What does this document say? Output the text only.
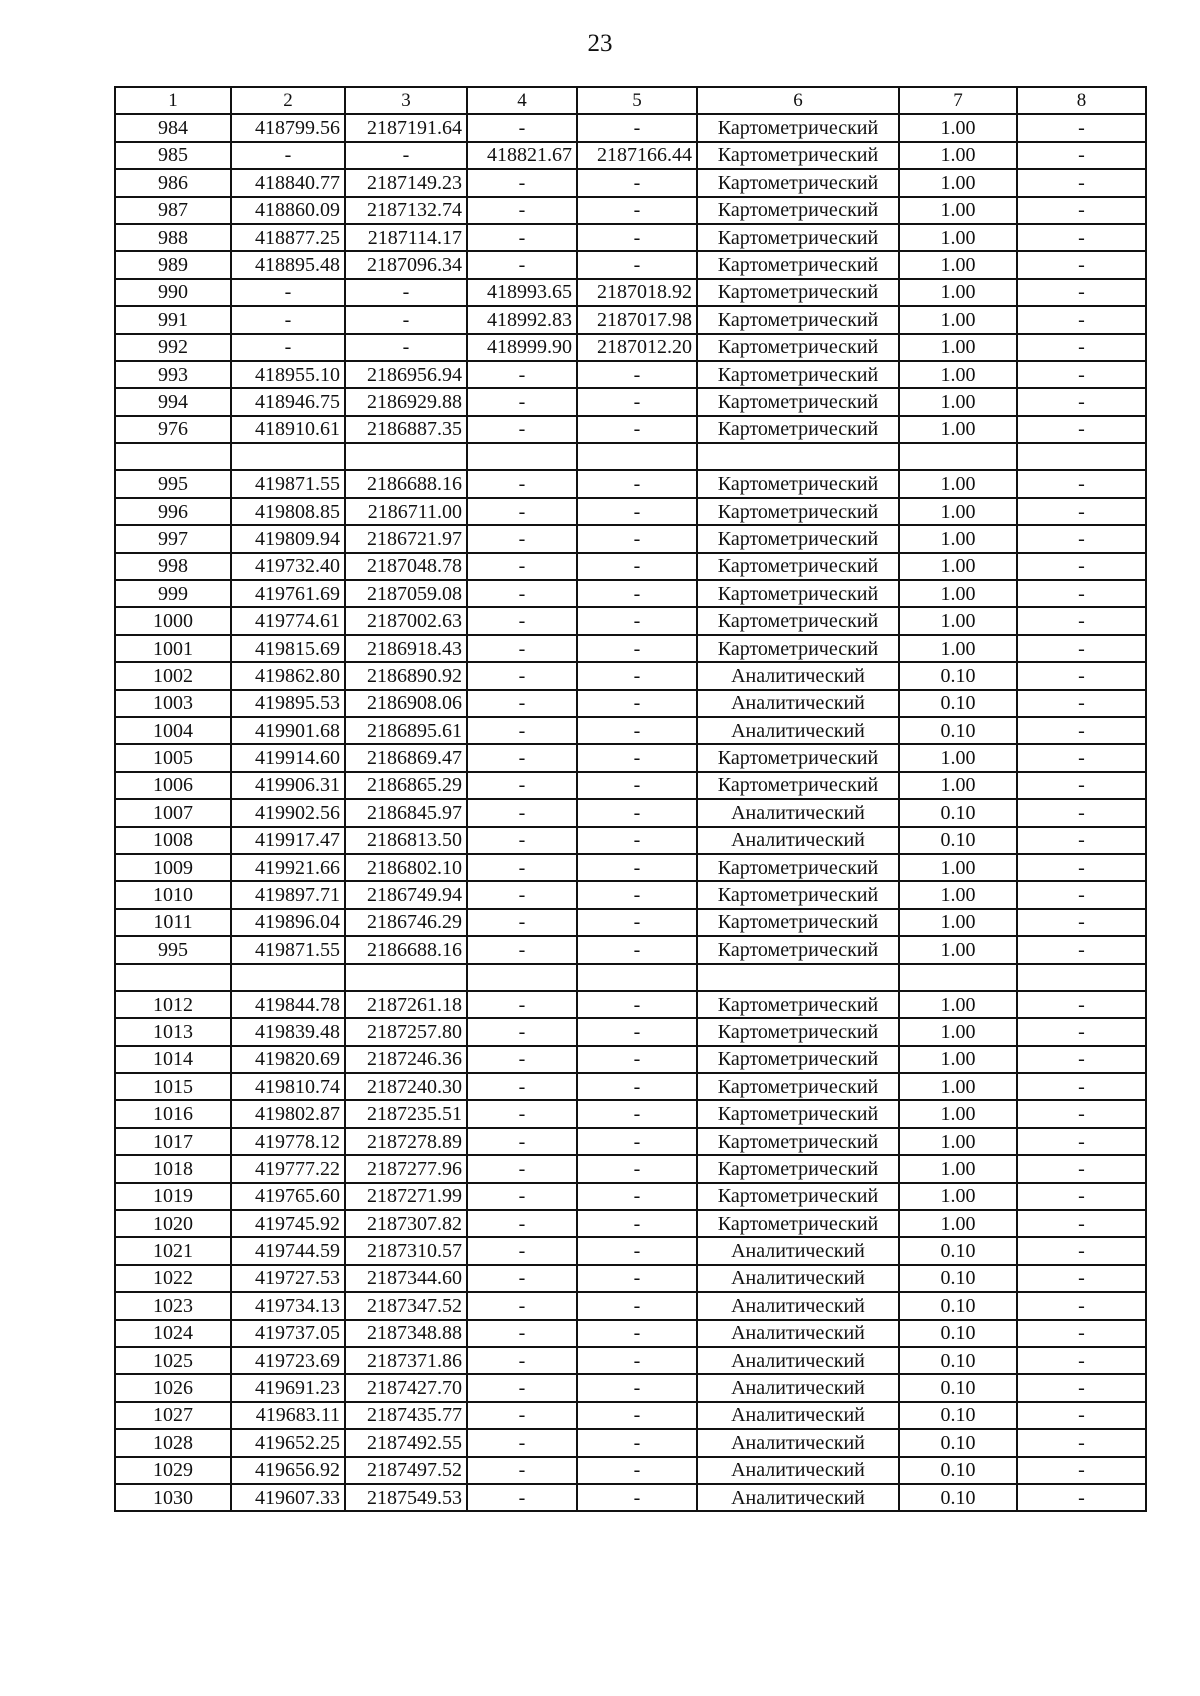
23
1	2	3	4	5	6	7	8
984	418799.56	2187191.64	-	-	Картометрический	1.00	-
985	-	-	418821.67	2187166.44	Картометрический	1.00	-
986	418840.77	2187149.23	-	-	Картометрический	1.00	-
987	418860.09	2187132.74	-	-	Картометрический	1.00	-
988	418877.25	2187114.17	-	-	Картометрический	1.00	-
989	418895.48	2187096.34	-	-	Картометрический	1.00	-
990	-	-	418993.65	2187018.92	Картометрический	1.00	-
991	-	-	418992.83	2187017.98	Картометрический	1.00	-
992	-	-	418999.90	2187012.20	Картометрический	1.00	-
993	418955.10	2186956.94	-	-	Картометрический	1.00	-
994	418946.75	2186929.88	-	-	Картометрический	1.00	-
976	418910.61	2186887.35	-	-	Картометрический	1.00	-

995	419871.55	2186688.16	-	-	Картометрический	1.00	-
996	419808.85	2186711.00	-	-	Картометрический	1.00	-
997	419809.94	2186721.97	-	-	Картометрический	1.00	-
998	419732.40	2187048.78	-	-	Картометрический	1.00	-
999	419761.69	2187059.08	-	-	Картометрический	1.00	-
1000	419774.61	2187002.63	-	-	Картометрический	1.00	-
1001	419815.69	2186918.43	-	-	Картометрический	1.00	-
1002	419862.80	2186890.92	-	-	Аналитический	0.10	-
1003	419895.53	2186908.06	-	-	Аналитический	0.10	-
1004	419901.68	2186895.61	-	-	Аналитический	0.10	-
1005	419914.60	2186869.47	-	-	Картометрический	1.00	-
1006	419906.31	2186865.29	-	-	Картометрический	1.00	-
1007	419902.56	2186845.97	-	-	Аналитический	0.10	-
1008	419917.47	2186813.50	-	-	Аналитический	0.10	-
1009	419921.66	2186802.10	-	-	Картометрический	1.00	-
1010	419897.71	2186749.94	-	-	Картометрический	1.00	-
1011	419896.04	2186746.29	-	-	Картометрический	1.00	-
995	419871.55	2186688.16	-	-	Картометрический	1.00	-

1012	419844.78	2187261.18	-	-	Картометрический	1.00	-
1013	419839.48	2187257.80	-	-	Картометрический	1.00	-
1014	419820.69	2187246.36	-	-	Картометрический	1.00	-
1015	419810.74	2187240.30	-	-	Картометрический	1.00	-
1016	419802.87	2187235.51	-	-	Картометрический	1.00	-
1017	419778.12	2187278.89	-	-	Картометрический	1.00	-
1018	419777.22	2187277.96	-	-	Картометрический	1.00	-
1019	419765.60	2187271.99	-	-	Картометрический	1.00	-
1020	419745.92	2187307.82	-	-	Картометрический	1.00	-
1021	419744.59	2187310.57	-	-	Аналитический	0.10	-
1022	419727.53	2187344.60	-	-	Аналитический	0.10	-
1023	419734.13	2187347.52	-	-	Аналитический	0.10	-
1024	419737.05	2187348.88	-	-	Аналитический	0.10	-
1025	419723.69	2187371.86	-	-	Аналитический	0.10	-
1026	419691.23	2187427.70	-	-	Аналитический	0.10	-
1027	419683.11	2187435.77	-	-	Аналитический	0.10	-
1028	419652.25	2187492.55	-	-	Аналитический	0.10	-
1029	419656.92	2187497.52	-	-	Аналитический	0.10	-
1030	419607.33	2187549.53	-	-	Аналитический	0.10	-
